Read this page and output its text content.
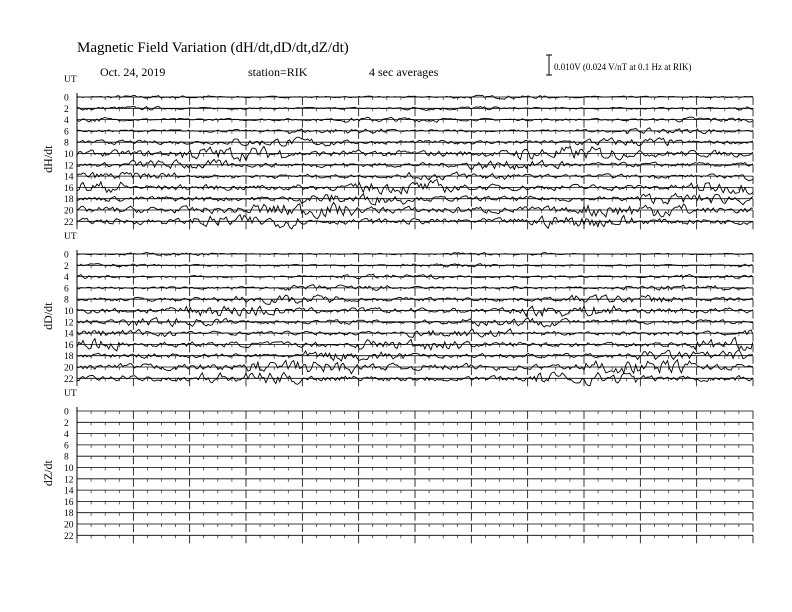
Magnetic Field Variation (dH/dt,dD/dt,dZ/dt)
Oct. 24, 2019	station=RIK	4 sec averages	0.010V (0.024 V/nT at 0.1 Hz at RIK)
UT
dH/dt
0
2
4
6
8
10
12
14
16
18
20
22
UT
dD/dt
0
2
4
6
8
10
12
14
16
18
20
22
UT
dZ/dt
0
2
4
6
8
10
12
14
16
18
20
22
